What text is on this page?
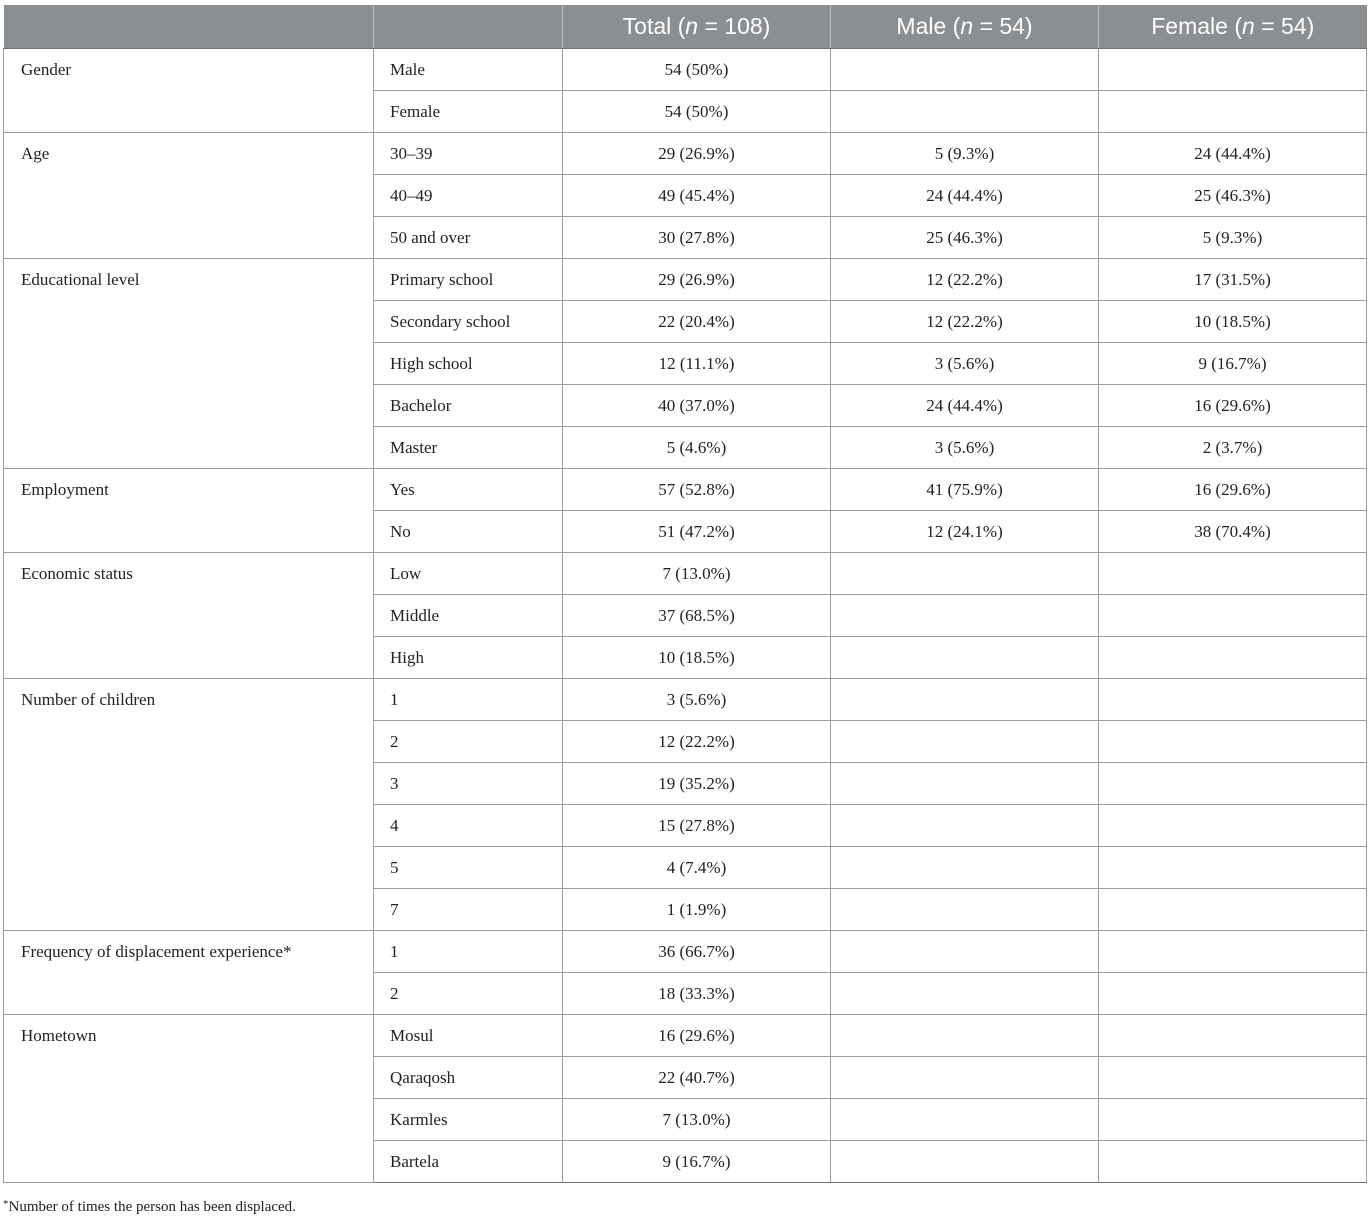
		Total (n = 108)	Male (n = 54)	Female (n = 54)
Gender	Male	54 (50%)		
	Female	54 (50%)		
Age	30–39	29 (26.9%)	5 (9.3%)	24 (44.4%)
	40–49	49 (45.4%)	24 (44.4%)	25 (46.3%)
	50 and over	30 (27.8%)	25 (46.3%)	5 (9.3%)
Educational level	Primary school	29 (26.9%)	12 (22.2%)	17 (31.5%)
	Secondary school	22 (20.4%)	12 (22.2%)	10 (18.5%)
	High school	12 (11.1%)	3 (5.6%)	9 (16.7%)
	Bachelor	40 (37.0%)	24 (44.4%)	16 (29.6%)
	Master	5 (4.6%)	3 (5.6%)	2 (3.7%)
Employment	Yes	57 (52.8%)	41 (75.9%)	16 (29.6%)
	No	51 (47.2%)	12 (24.1%)	38 (70.4%)
Economic status	Low	7 (13.0%)		
	Middle	37 (68.5%)		
	High	10 (18.5%)		
Number of children	1	3 (5.6%)		
	2	12 (22.2%)		
	3	19 (35.2%)		
	4	15 (27.8%)		
	5	4 (7.4%)		
	7	1 (1.9%)		
Frequency of displacement experience*	1	36 (66.7%)		
	2	18 (33.3%)		
Hometown	Mosul	16 (29.6%)		
	Qaraqosh	22 (40.7%)		
	Karmles	7 (13.0%)		
	Bartela	9 (16.7%)		
*Number of times the person has been displaced.
